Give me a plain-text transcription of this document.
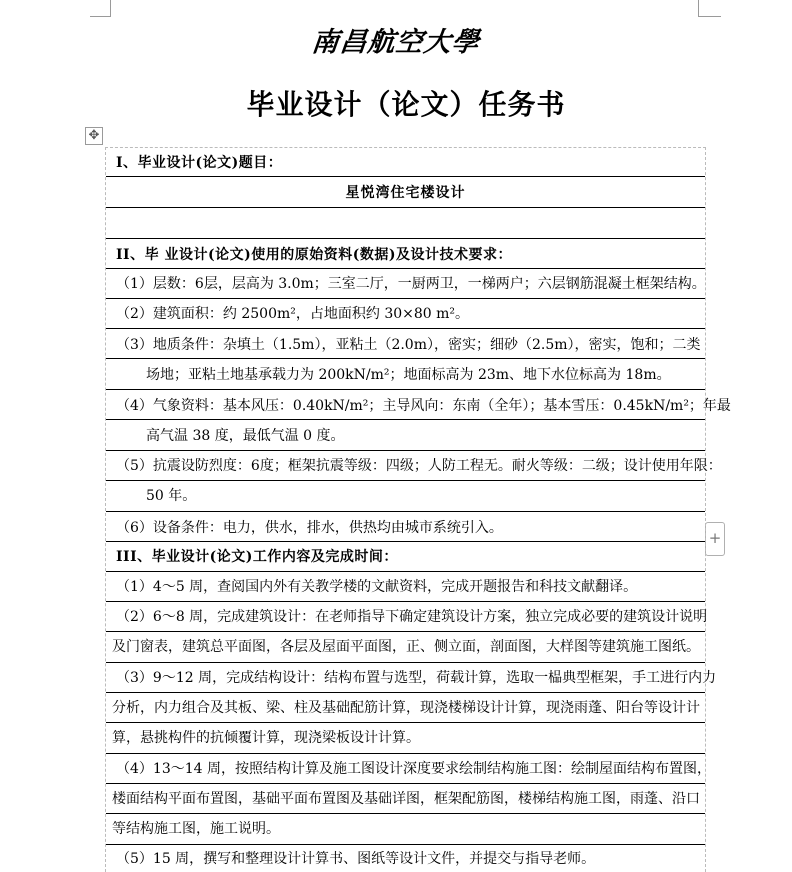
南昌航空大學
毕业设计（论文）任务书
✥
+
I、毕业设计(论文)题目：
星悦湾住宅楼设计
II、毕 业设计(论文)使用的原始资料(数据)及设计技术要求：
（1）层数：6层，层高为 3.0m；三室二厅，一厨两卫，一梯两户；六层钢筋混凝土框架结构。
（2）建筑面积：约 2500m²，占地面积约 30×80 m²。
（3）地质条件：杂填土（1.5m），亚粘土（2.0m），密实；细砂（2.5m），密实，饱和；二类
场地；亚粘土地基承载力为 200kN/m²；地面标高为 23m、地下水位标高为 18m。
（4）气象资料：基本风压：0.40kN/m²；主导风向：东南（全年）；基本雪压：0.45kN/m²；年最
高气温 38 度，最低气温 0 度。
（5）抗震设防烈度：6度；框架抗震等级：四级；人防工程无。耐火等级：二级；设计使用年限：
50 年。
（6）设备条件：电力，供水，排水，供热均由城市系统引入。
III、毕业设计(论文)工作内容及完成时间：
（1）4～5 周，查阅国内外有关教学楼的文献资料，完成开题报告和科技文献翻译。
（2）6～8 周，完成建筑设计：在老师指导下确定建筑设计方案，独立完成必要的建筑设计说明
及门窗表，建筑总平面图，各层及屋面平面图，正、侧立面，剖面图，大样图等建筑施工图纸。
（3）9～12 周，完成结构设计：结构布置与选型，荷载计算，选取一榀典型框架，手工进行内力
分析，内力组合及其板、梁、柱及基础配筋计算，现浇楼梯设计计算，现浇雨蓬、阳台等设计计
算，悬挑构件的抗倾覆计算，现浇梁板设计计算。
（4）13～14 周，按照结构计算及施工图设计深度要求绘制结构施工图：绘制屋面结构布置图，
楼面结构平面布置图，基础平面布置图及基础详图，框架配筋图，楼梯结构施工图，雨蓬、沿口
等结构施工图，施工说明。
（5）15 周，撰写和整理设计计算书、图纸等设计文件，并提交与指导老师。
